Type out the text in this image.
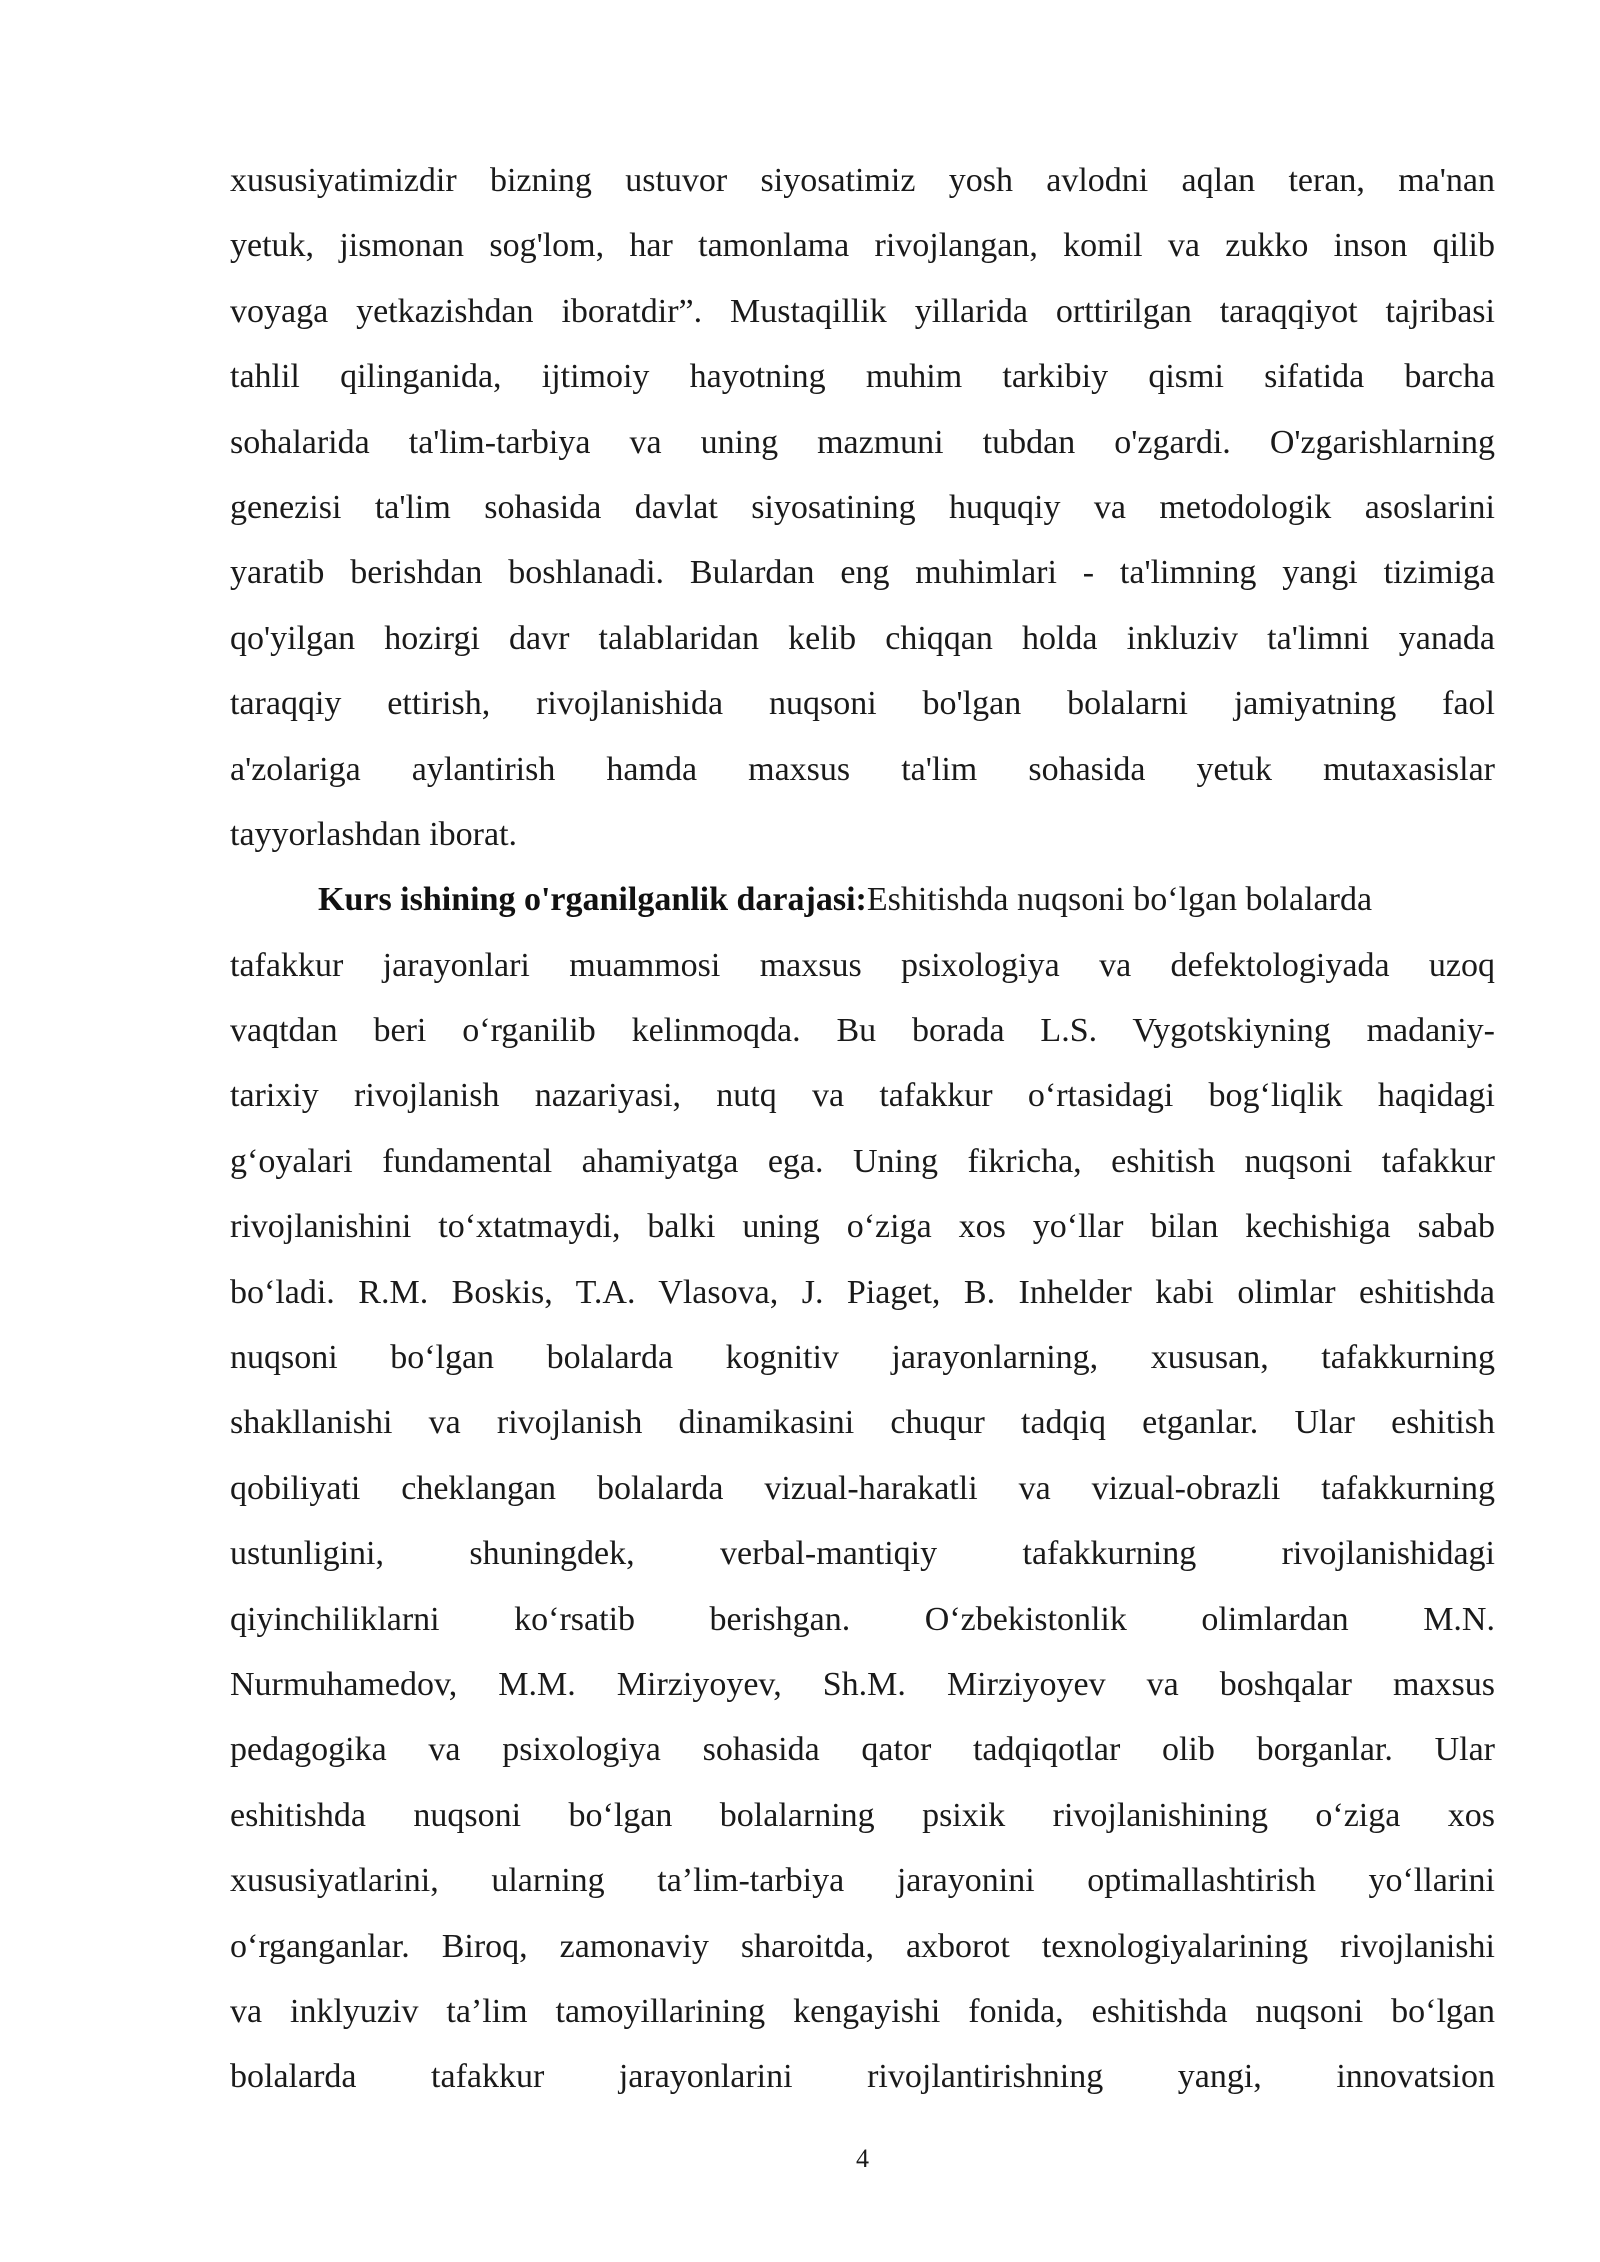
xususiyatimizdir bizning ustuvor siyosatimiz yosh avlodni aqlan teran, ma'nan
yetuk, jismonan sog'lom, har tamonlama rivojlangan, komil va zukko inson qilib
voyaga yetkazishdan iboratdir”. Mustaqillik yillarida orttirilgan taraqqiyot tajribasi
tahlil qilinganida, ijtimoiy hayotning muhim tarkibiy qismi sifatida barcha
sohalarida ta'lim-tarbiya va uning mazmuni tubdan o'zgardi. O'zgarishlarning
genezisi ta'lim sohasida davlat siyosatining huquqiy va metodologik asoslarini
yaratib berishdan boshlanadi. Bulardan eng muhimlari - ta'limning yangi tizimiga
qo'yilgan hozirgi davr talablaridan kelib chiqqan holda inkluziv ta'limni yanada
taraqqiy ettirish, rivojlanishida nuqsoni bo'lgan bolalarni jamiyatning faol
a'zolariga aylantirish hamda maxsus ta'lim sohasida yetuk mutaxasislar
tayyorlashdan iborat.
Kurs ishining o'rganilganlik darajasi:Eshitishda nuqsoni bo‘lgan bolalarda
tafakkur jarayonlari muammosi maxsus psixologiya va defektologiyada uzoq
vaqtdan beri o‘rganilib kelinmoqda. Bu borada L.S. Vygotskiyning madaniy-
tarixiy rivojlanish nazariyasi, nutq va tafakkur o‘rtasidagi bog‘liqlik haqidagi
g‘oyalari fundamental ahamiyatga ega. Uning fikricha, eshitish nuqsoni tafakkur
rivojlanishini to‘xtatmaydi, balki uning o‘ziga xos yo‘llar bilan kechishiga sabab
bo‘ladi. R.M. Boskis, T.A. Vlasova, J. Piaget, B. Inhelder kabi olimlar eshitishda
nuqsoni bo‘lgan bolalarda kognitiv jarayonlarning, xususan, tafakkurning
shakllanishi va rivojlanish dinamikasini chuqur tadqiq etganlar. Ular eshitish
qobiliyati cheklangan bolalarda vizual-harakatli va vizual-obrazli tafakkurning
ustunligini, shuningdek, verbal-mantiqiy tafakkurning rivojlanishidagi
qiyinchiliklarni ko‘rsatib berishgan. O‘zbekistonlik olimlardan M.N.
Nurmuhamedov, M.M. Mirziyoyev, Sh.M. Mirziyoyev va boshqalar maxsus
pedagogika va psixologiya sohasida qator tadqiqotlar olib borganlar. Ular
eshitishda nuqsoni bo‘lgan bolalarning psixik rivojlanishining o‘ziga xos
xususiyatlarini, ularning ta’lim-tarbiya jarayonini optimallashtirish yo‘llarini
o‘rganganlar. Biroq, zamonaviy sharoitda, axborot texnologiyalarining rivojlanishi
va inklyuziv ta’lim tamoyillarining kengayishi fonida, eshitishda nuqsoni bo‘lgan
bolalarda tafakkur jarayonlarini rivojlantirishning yangi, innovatsion
4
